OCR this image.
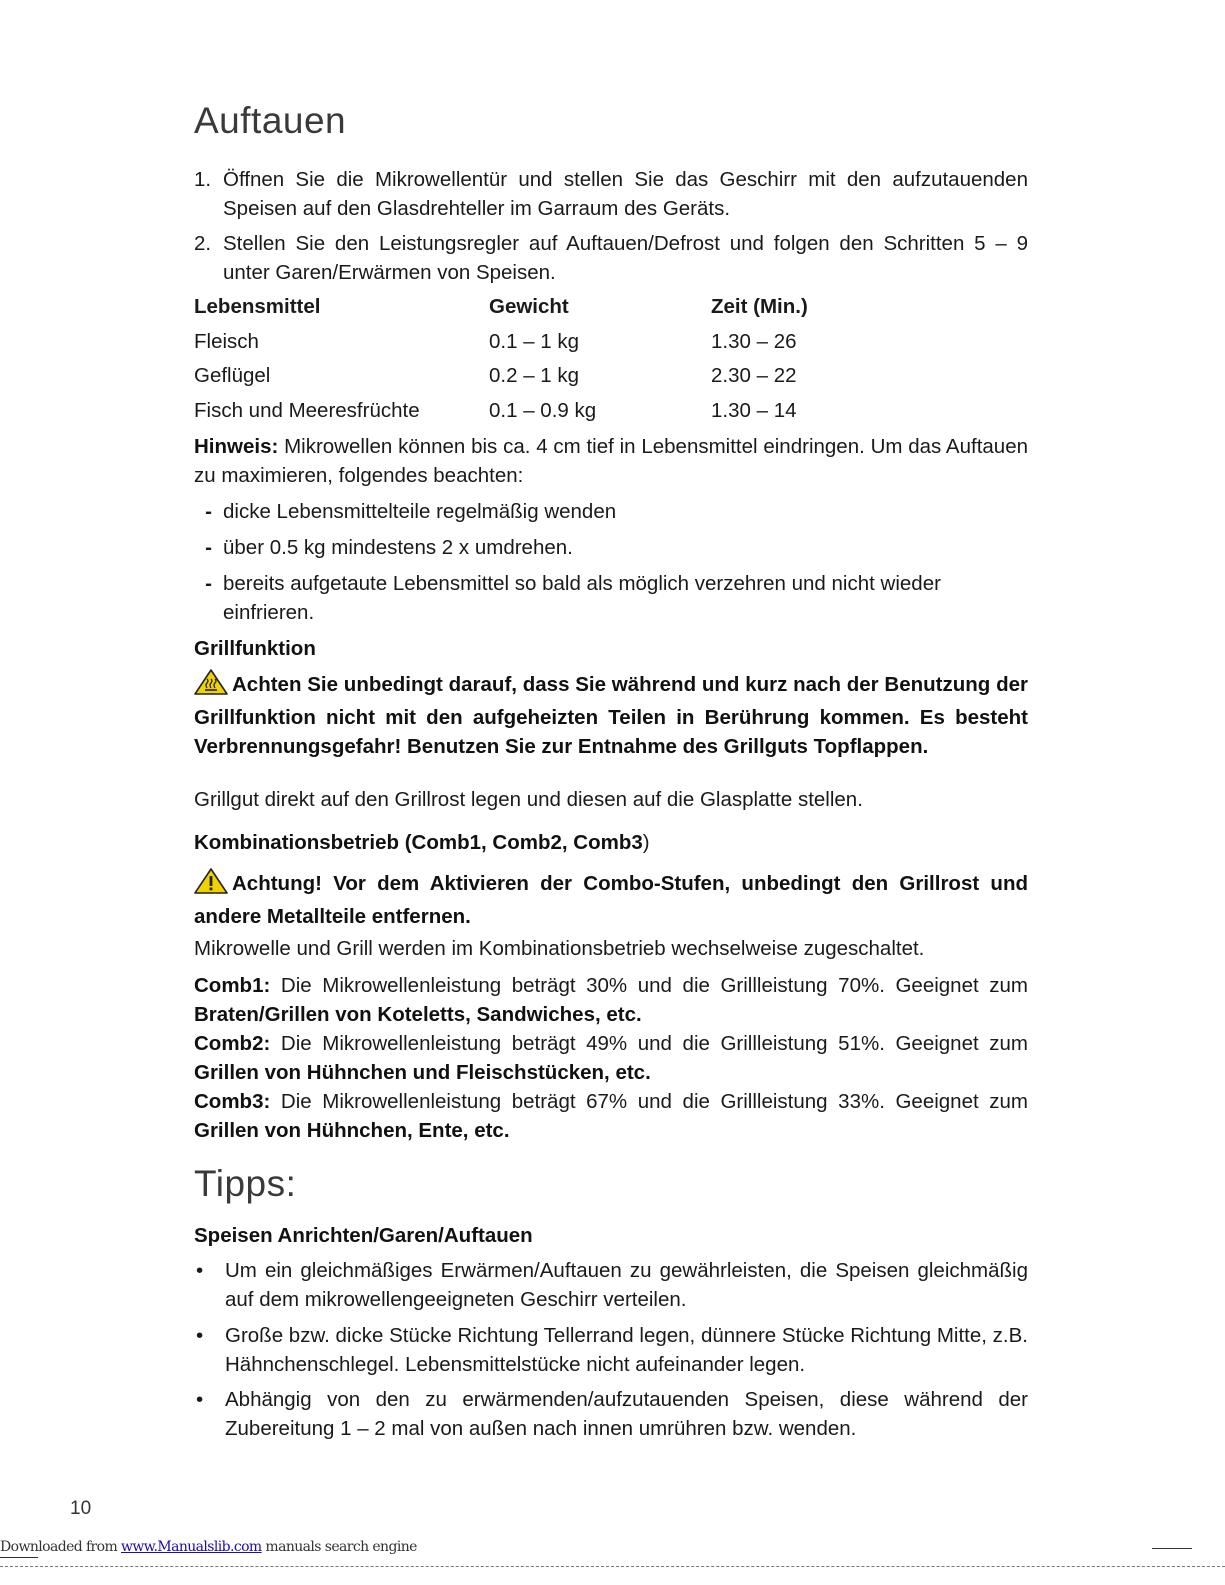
Auftauen
1. Öffnen Sie die Mikrowellentür und stellen Sie das Geschirr mit den aufzutauenden Speisen auf den Glasdrehteller im Garraum des Geräts.
2. Stellen Sie den Leistungsregler auf Auftauen/Defrost und folgen den Schritten 5 – 9 unter Garen/Erwärmen von Speisen.
Lebensmittel	Gewicht	Zeit (Min.)
Fleisch	0.1 – 1 kg	1.30 – 26
Geflügel	0.2 – 1 kg	2.30 – 22
Fisch und Meeresfrüchte	0.1 – 0.9 kg	1.30 – 14
Hinweis: Mikrowellen können bis ca. 4 cm tief in Lebensmittel eindringen. Um das Auftauen zu maximieren, folgendes beachten:
- dicke Lebensmittelteile regelmäßig wenden
- über 0.5 kg mindestens 2 x umdrehen.
- bereits aufgetaute Lebensmittel so bald als möglich verzehren und nicht wieder einfrieren.
Grillfunktion
Achten Sie unbedingt darauf, dass Sie während und kurz nach der Benutzung der Grillfunktion nicht mit den aufgeheizten Teilen in Berührung kommen. Es besteht Verbrennungsgefahr! Benutzen Sie zur Entnahme des Grillguts Topflappen.
Grillgut direkt auf den Grillrost legen und diesen auf die Glasplatte stellen.
Kombinationsbetrieb (Comb1, Comb2, Comb3)
Achtung! Vor dem Aktivieren der Combo-Stufen, unbedingt den Grillrost und andere Metallteile entfernen.
Mikrowelle und Grill werden im Kombinationsbetrieb wechselweise zugeschaltet.
Comb1: Die Mikrowellenleistung beträgt 30% und die Grillleistung 70%. Geeignet zum Braten/Grillen von Koteletts, Sandwiches, etc.
Comb2: Die Mikrowellenleistung beträgt 49% und die Grillleistung 51%. Geeignet zum Grillen von Hühnchen und Fleischstücken, etc.
Comb3: Die Mikrowellenleistung beträgt 67% und die Grillleistung 33%. Geeignet zum Grillen von Hühnchen, Ente, etc.
Tipps:
Speisen Anrichten/Garen/Auftauen
•	Um ein gleichmäßiges Erwärmen/Auftauen zu gewährleisten, die Speisen gleichmäßig auf dem mikrowellengeeigneten Geschirr verteilen.
•	Große bzw. dicke Stücke Richtung Tellerrand legen, dünnere Stücke Richtung Mitte, z.B. Hähnchenschlegel. Lebensmittelstücke nicht aufeinander legen.
•	Abhängig von den zu erwärmenden/aufzutauenden Speisen, diese während der Zubereitung 1 – 2 mal von außen nach innen umrühren bzw. wenden.
10
Downloaded from www.Manualslib.com manuals search engine
